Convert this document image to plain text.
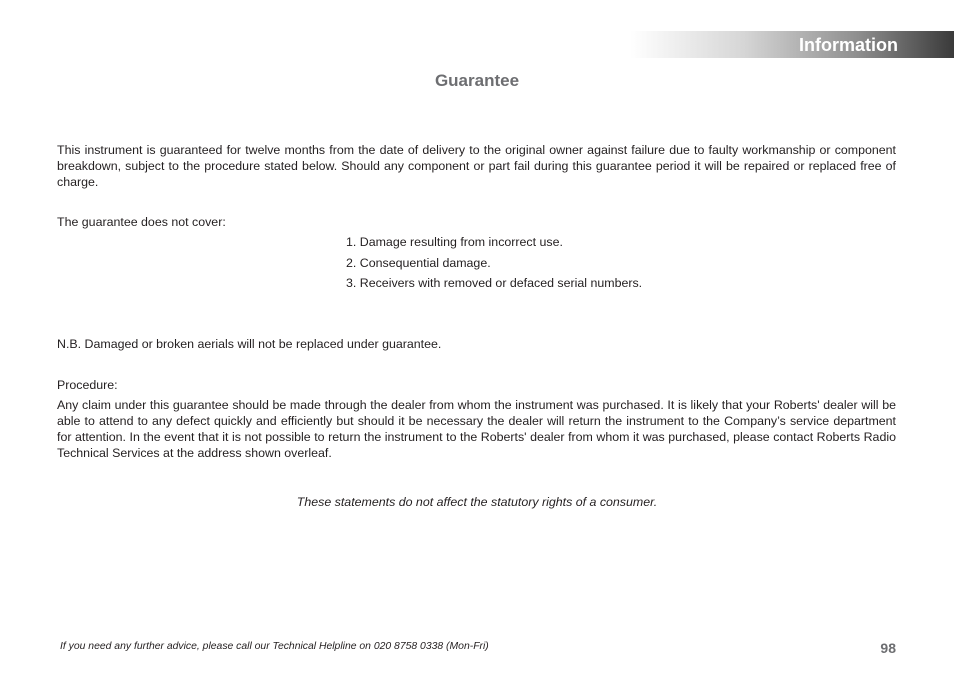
Information
Guarantee

This instrument is guaranteed for twelve months from the date of delivery to the original owner against failure due to faulty workmanship or component breakdown, subject to the procedure stated below. Should any component or part fail during this guarantee period it will be repaired or replaced free of charge.

The guarantee does not cover:

1. Damage resulting from incorrect use.
2. Consequential damage.
3. Receivers with removed or defaced serial numbers.

N.B. Damaged or broken aerials will not be replaced under guarantee.

Procedure:

Any claim under this guarantee should be made through the dealer from whom the instrument was purchased. It is likely that your Roberts' dealer will be able to attend to any defect quickly and efficiently but should it be necessary the dealer will return the instrument to the Company’s service department for attention. In the event that it is not possible to return the instrument to the Roberts' dealer from whom it was purchased, please contact Roberts Radio Technical Services at the address shown overleaf.

These statements do not affect the statutory rights of a consumer.
If you need any further advice, please call our Technical Helpline on 020 8758 0338 (Mon-Fri)	98
